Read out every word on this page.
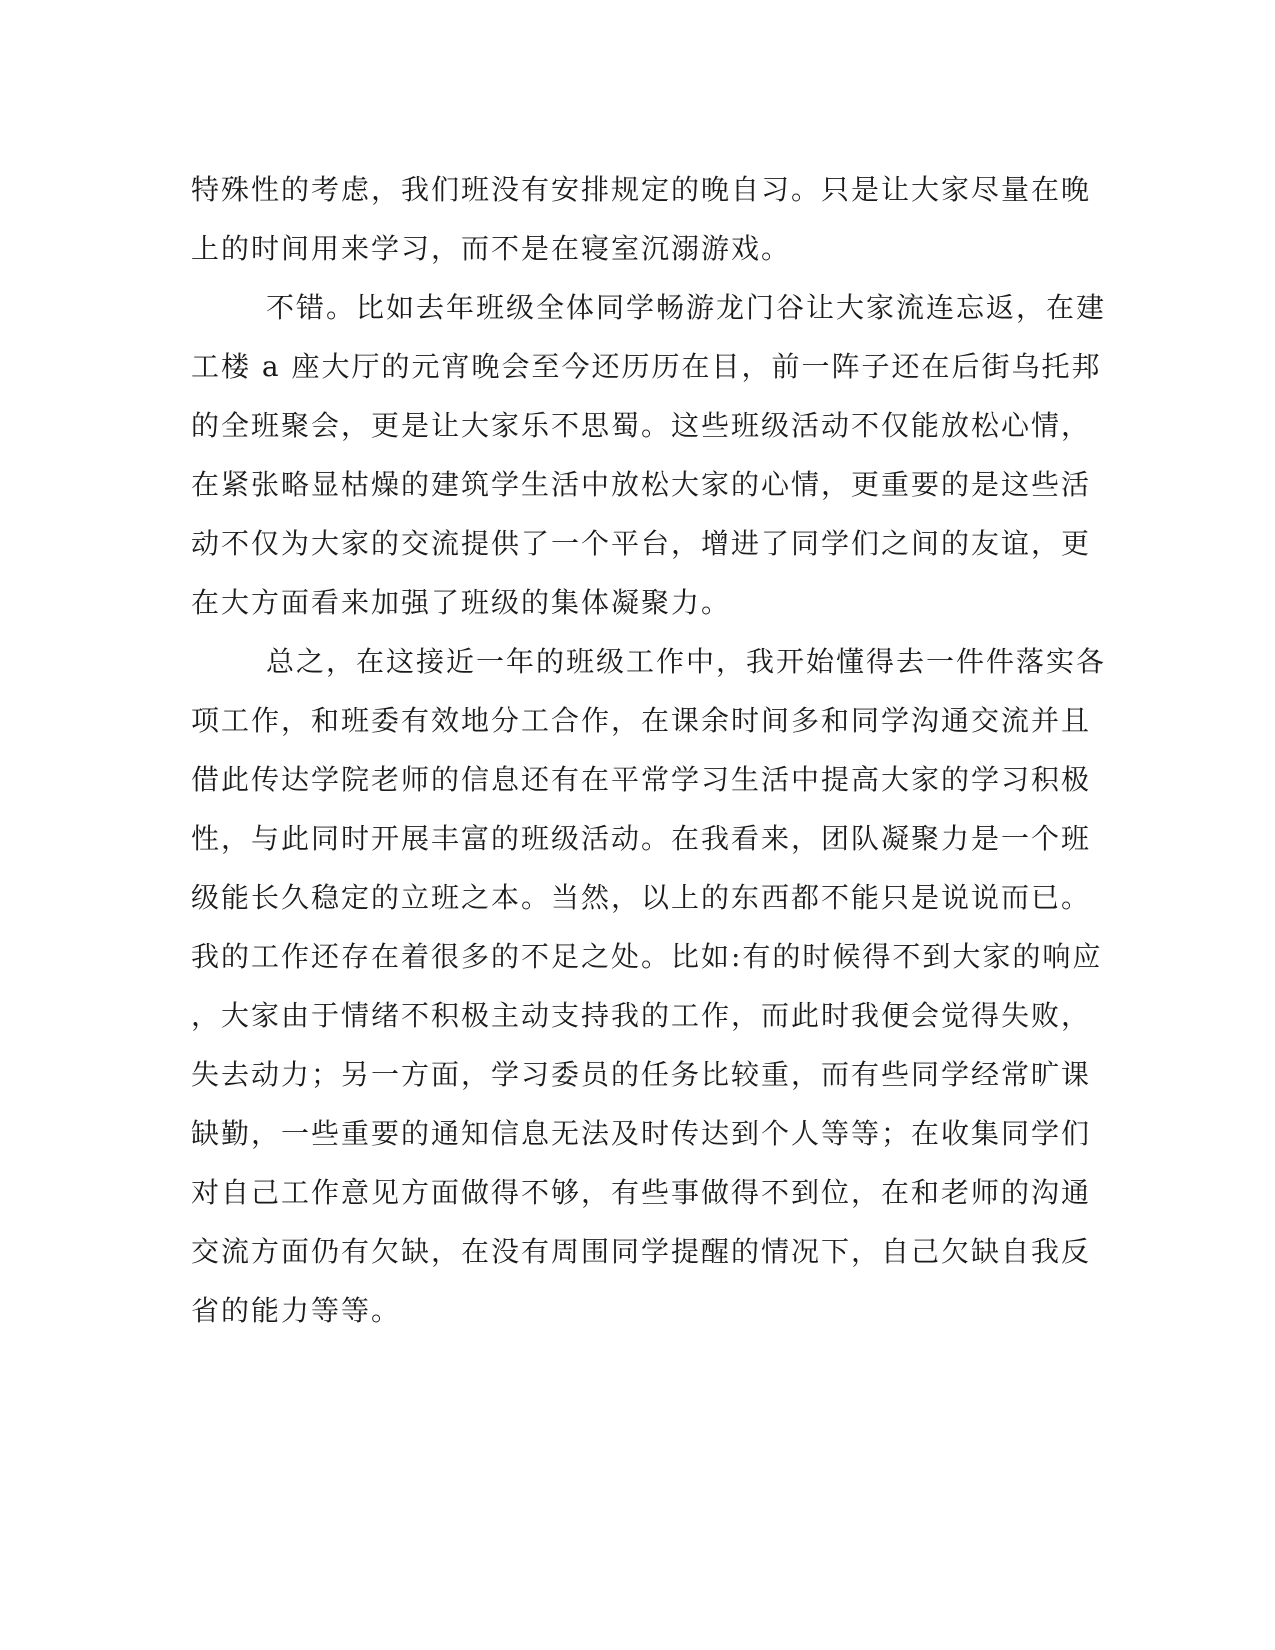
特殊性的考虑，我们班没有安排规定的晚自习。只是让大家尽量在晚
上的时间用来学习，而不是在寝室沉溺游戏。
不错。比如去年班级全体同学畅游龙门谷让大家流连忘返，在建
工楼 a 座大厅的元宵晚会至今还历历在目，前一阵子还在后街乌托邦
的全班聚会，更是让大家乐不思蜀。这些班级活动不仅能放松心情，
在紧张略显枯燥的建筑学生活中放松大家的心情，更重要的是这些活
动不仅为大家的交流提供了一个平台，增进了同学们之间的友谊，更
在大方面看来加强了班级的集体凝聚力。
总之，在这接近一年的班级工作中，我开始懂得去一件件落实各
项工作，和班委有效地分工合作，在课余时间多和同学沟通交流并且
借此传达学院老师的信息还有在平常学习生活中提高大家的学习积极
性，与此同时开展丰富的班级活动。在我看来，团队凝聚力是一个班
级能长久稳定的立班之本。当然，以上的东西都不能只是说说而已。
我的工作还存在着很多的不足之处。比如:有的时候得不到大家的响应
，大家由于情绪不积极主动支持我的工作，而此时我便会觉得失败，
失去动力；另一方面，学习委员的任务比较重，而有些同学经常旷课
缺勤，一些重要的通知信息无法及时传达到个人等等；在收集同学们
对自己工作意见方面做得不够，有些事做得不到位，在和老师的沟通
交流方面仍有欠缺，在没有周围同学提醒的情况下，自己欠缺自我反
省的能力等等。
